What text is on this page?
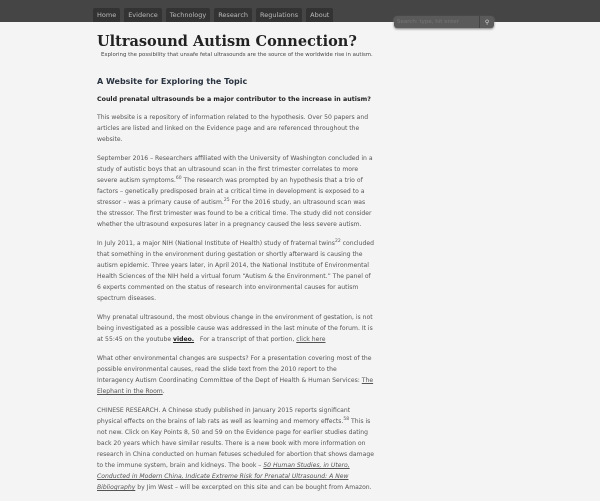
Home	Evidence	Technology	Research	Regulations	About
Search: type, hit enter
⚲
Ultrasound Autism Connection?
Exploring the possibility that unsafe fetal ultrasounds are the source of the worldwide rise in autism.
A Website for Exploring the Topic
Could prenatal ultrasounds be a major contributor to the increase in autism?

This website is a repository of information related to the hypothesis. Over 50 papers and articles are listed and linked on the Evidence page and are referenced throughout the website.

September 2016 – Researchers affiliated with the University of Washington concluded in a study of autistic boys that an ultrasound scan in the first trimester correlates to more severe autism symptoms.$^{60}$ The research was prompted by an hypothesis that a trio of factors – genetically predisposed brain at a critical time in development is exposed to a stressor – was a primary cause of autism.$^{25}$ For the 2016 study, an ultrasound scan was the stressor. The first trimester was found to be a critical time. The study did not consider whether the ultrasound exposures later in a pregnancy caused the less severe autism.

In July 2011, a major NIH (National Institute of Health) study of fraternal twins$^{22}$ concluded that something in the environment during gestation or shortly afterward is causing the autism epidemic. Three years later, in April 2014, the National Institute of Environmental Health Sciences of the NIH held a virtual forum “Autism & the Environment.” The panel of 6 experts commented on the status of research into environmental causes for autism spectrum diseases.

Why prenatal ultrasound, the most obvious change in the environment of gestation, is not being investigated as a possible cause was addressed in the last minute of the forum. It is at 55:45 on the youtube video.   For a transcript of that portion, click here

What other environmental changes are suspects? For a presentation covering most of the possible environmental causes, read the slide text from the 2010 report to the Interagency Autism Coordinating Committee of the Dept of Health & Human Services: The Elephant in the Room.

CHINESE RESEARCH. A Chinese study published in January 2015 reports significant physical effects on the brains of lab rats as well as learning and memory effects.$^{58}$ This is not new. Click on Key Points 8, 50 and 59 on the Evidence page for earlier studies dating back 20 years which have similar results. There is a new book with more information on research in China conducted on human fetuses scheduled for abortion that shows damage to the immune system, brain and kidneys. The book – 50 Human Studies, in Utero, Conducted in Modern China, Indicate Extreme Risk for Prenatal Ultrasound: A New Bibliography by Jim West – will be excerpted on this site and can be bought from Amazon.
